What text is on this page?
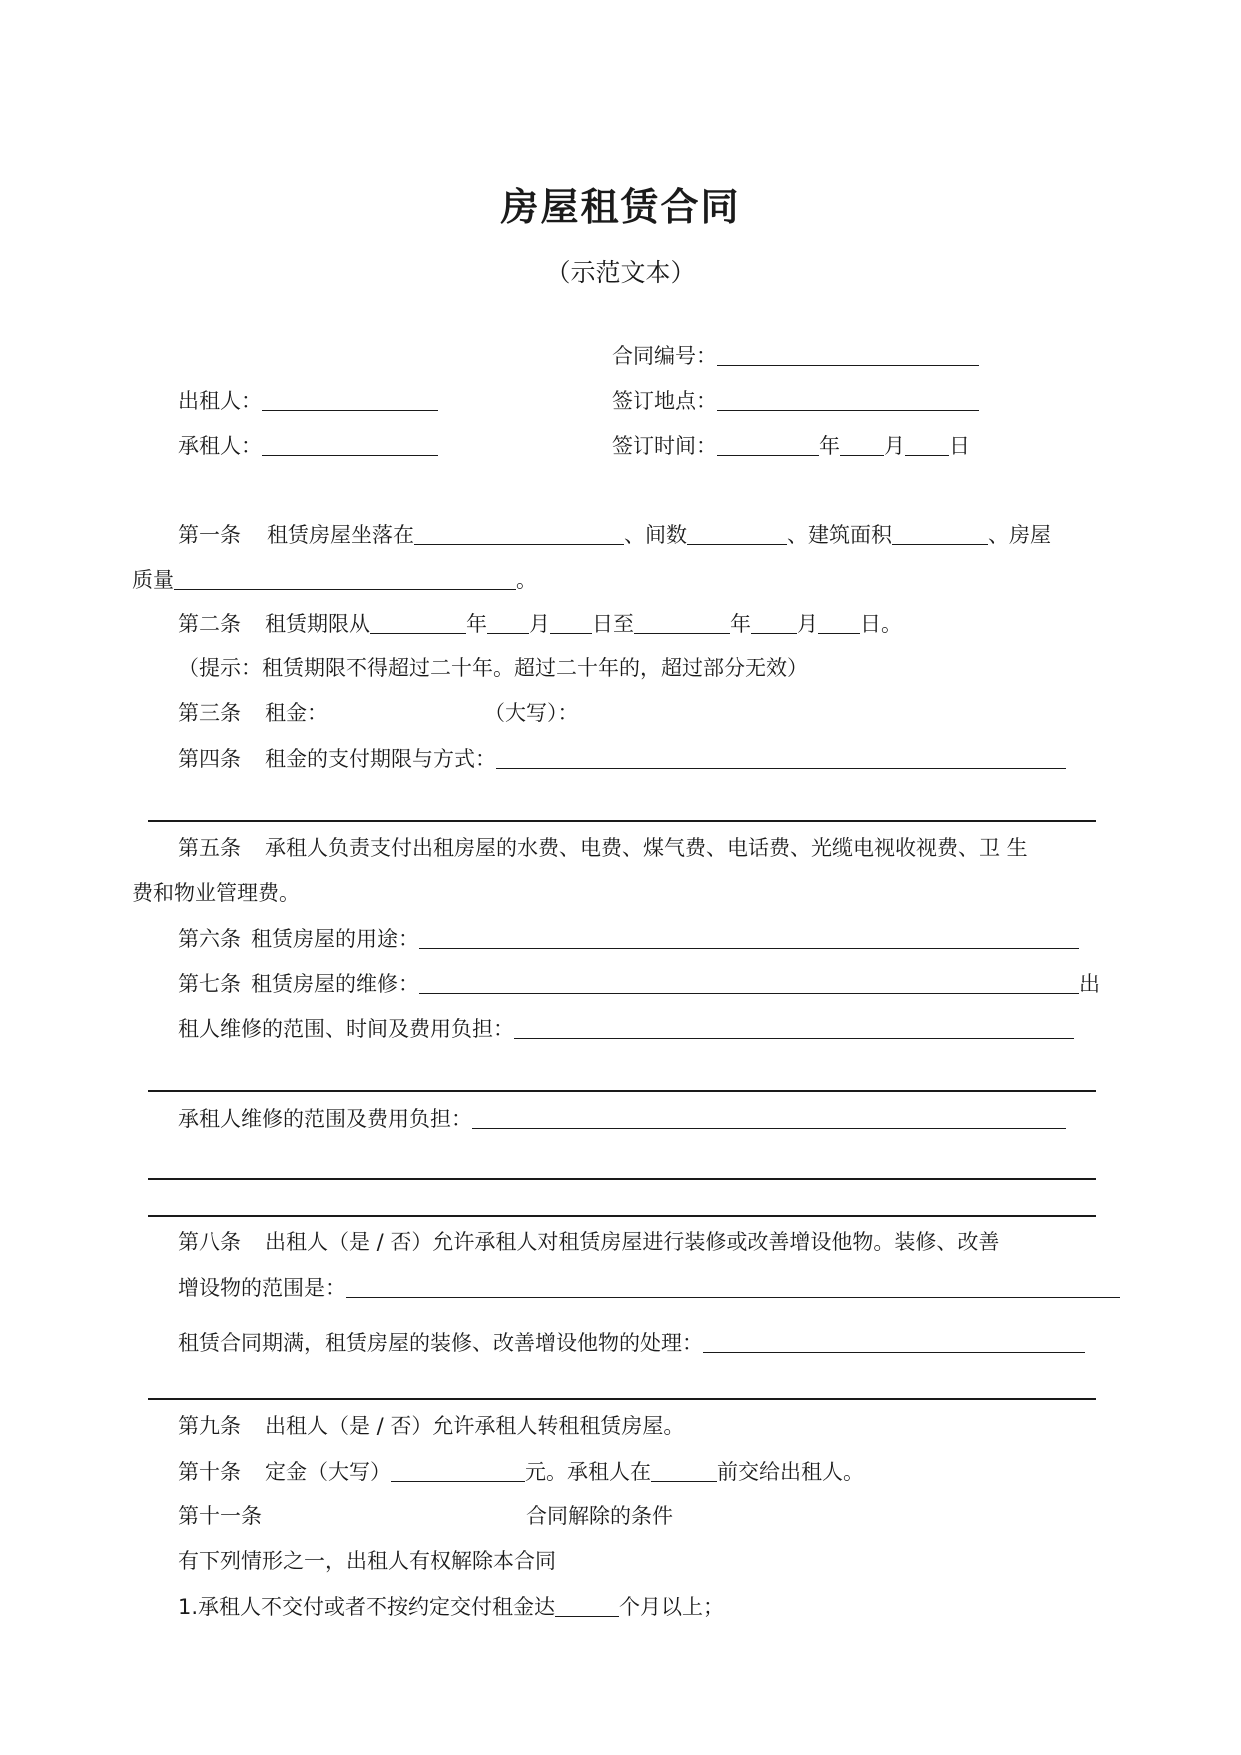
房屋租赁合同
（示范文本）
合同编号：
出租人：	签订地点：
承租人：	签订时间：	年 月 日
第一条 租赁房屋坐落在	、间数	、建筑面积	、房屋
质量	。
第二条 租赁期限从	年 月 日至	年 月 日。
（提示：租赁期限不得超过二十年。超过二十年的，超过部分无效）
第三条 租金：	（大写）：
第四条 租金的支付期限与方式：
第五条 承租人负责支付出租房屋的水费、电费、煤气费、电话费、光缆电视收视费、卫 生
费和物业管理费。
第六条 租赁房屋的用途：
第七条 租赁房屋的维修：	出
租人维修的范围、时间及费用负担：
承租人维修的范围及费用负担：
第八条 出租人（是 / 否）允许承租人对租赁房屋进行装修或改善增设他物。装修、改善
增设物的范围是：
租赁合同期满，租赁房屋的装修、改善增设他物的处理：
第九条 出租人（是 / 否）允许承租人转租租赁房屋。
第十条 定金（大写）	元。承租人在	前交给出租人。
第十一条	合同解除的条件
有下列情形之一，出租人有权解除本合同
1.承租人不交付或者不按约定交付租金达	个月以上；
